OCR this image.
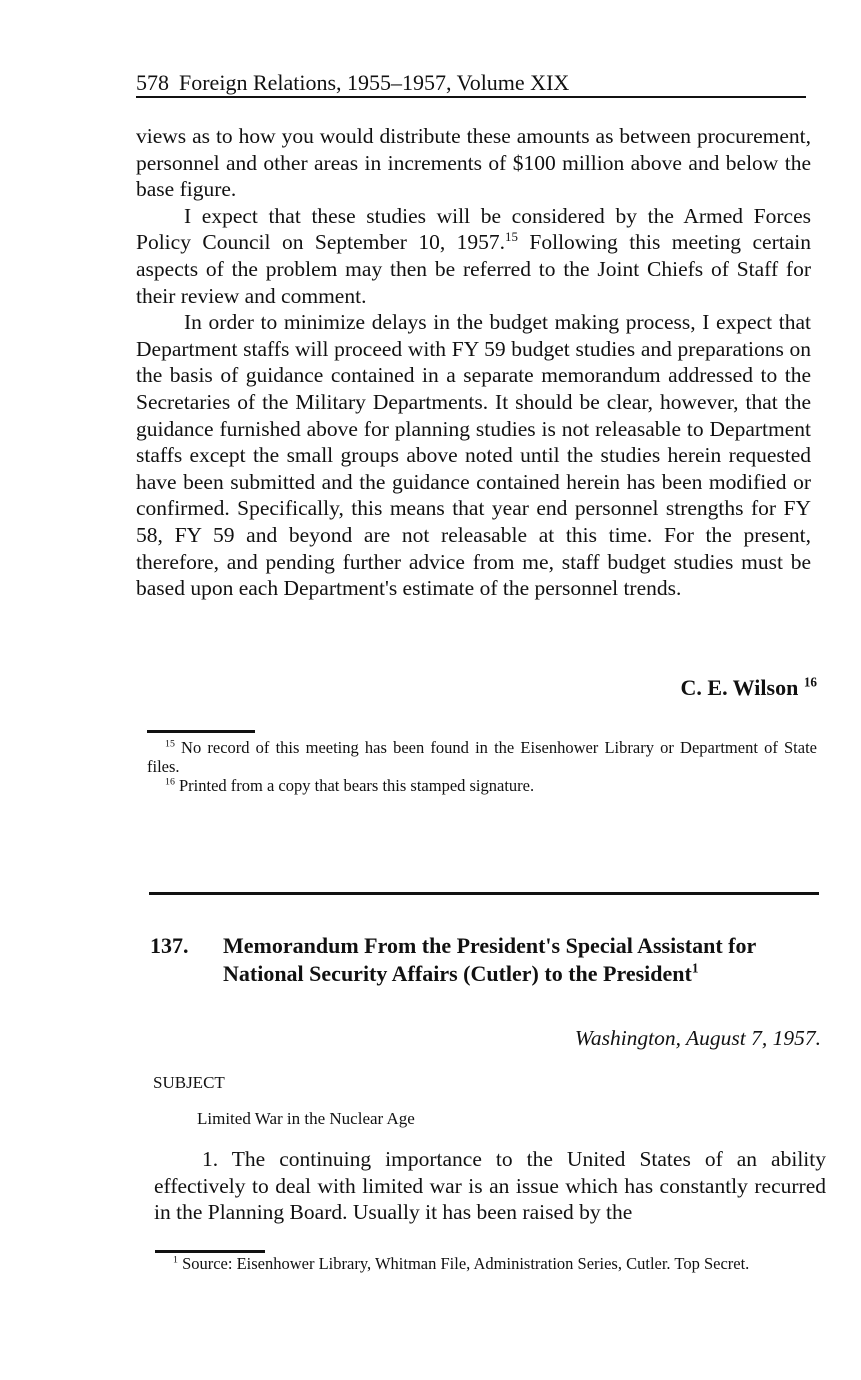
578 Foreign Relations, 1955–1957, Volume XIX

views as to how you would distribute these amounts as between procurement, personnel and other areas in increments of $100 million above and below the base figure.

I expect that these studies will be considered by the Armed Forces Policy Council on September 10, 1957.15 Following this meeting certain aspects of the problem may then be referred to the Joint Chiefs of Staff for their review and comment.

In order to minimize delays in the budget making process, I expect that Department staffs will proceed with FY 59 budget studies and preparations on the basis of guidance contained in a separate memorandum addressed to the Secretaries of the Military Departments. It should be clear, however, that the guidance furnished above for planning studies is not releasable to Department staffs except the small groups above noted until the studies herein requested have been submitted and the guidance contained herein has been modified or confirmed. Specifically, this means that year end personnel strengths for FY 58, FY 59 and beyond are not releasable at this time. For the present, therefore, and pending further advice from me, staff budget studies must be based upon each Department's estimate of the personnel trends.

C. E. Wilson $^{16}$

$^{15}$ No record of this meeting has been found in the Eisenhower Library or Department of State files.

$^{16}$ Printed from a copy that bears this stamped signature.

137.	Memorandum From the President's Special Assistant for National Security Affairs (Cutler) to the President$^1$
Washington, August 7, 1957.
SUBJECT
Limited War in the Nuclear Age

1. The continuing importance to the United States of an ability effectively to deal with limited war is an issue which has constantly recurred in the Planning Board. Usually it has been raised by the

$^1$ Source: Eisenhower Library, Whitman File, Administration Series, Cutler. Top Secret.
